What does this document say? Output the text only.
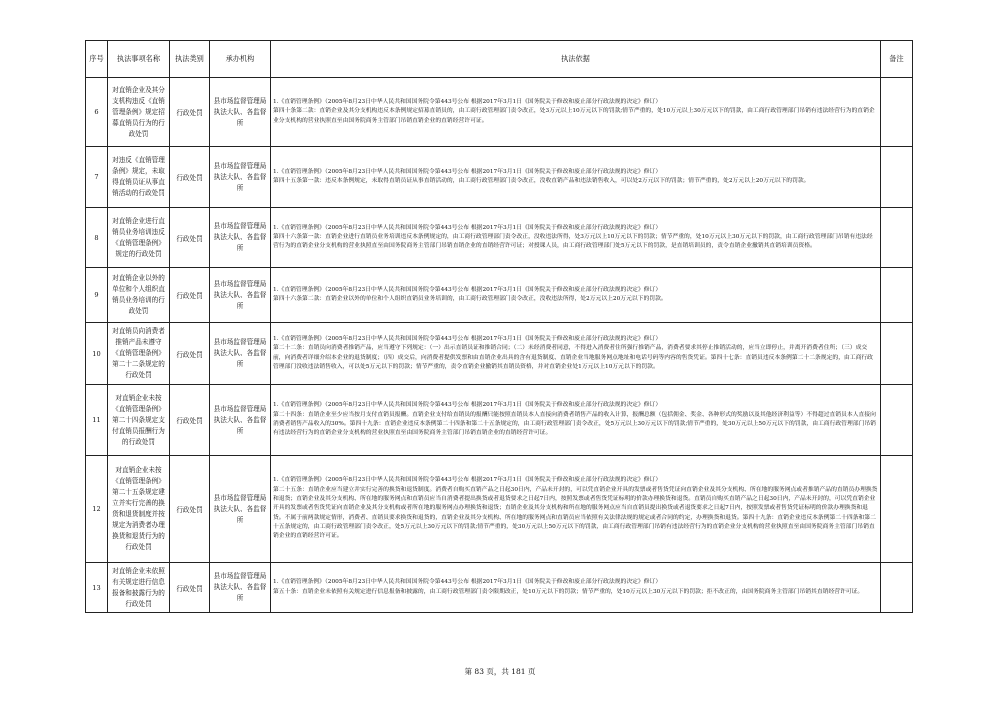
序号	执法事项名称	执法类别	承办机构	执法依据	备注
6	对直销企业及其分支机构违反《直销管理条例》规定招募直销员行为的行政处罚	行政处罚	县市场监督管理局执法大队、各监督所	1.《直销管理条例》（2005年8月23日中华人民共和国国务院令第443号公布 根据2017年3月1日《国务院关于修改和废止部分行政法规的决定》修订）
第四十条第二款：直销企业及其分支机构违反本条例规定招募直销员的，由工商行政管理部门责令改正，处3万元以上10万元以下的罚款;情节严重的，处10万元以上30万元以下的罚款，由工商行政管理部门吊销有违法经营行为的直销企业分支机构的营业执照直至由国务院商务主管部门吊销直销企业的直销经营许可证。	

7	对违反《直销管理条例》规定，未取得直销员证从事直销活动的行政处罚	行政处罚	县市场监督管理局执法大队、各监督所	1.《直销管理条例》（2005年8月23日中华人民共和国国务院令第443号公布 根据2017年3月1日《国务院关于修改和废止部分行政法规的决定》修订）
第四十五条第一款：违反本条例规定，未取得直销员证从事直销活动的，由工商行政管理部门责令改正，没收直销产品和违法销售收入，可以处2万元以下的罚款；情节严重的，处2万元以上20万元以下的罚款。	

8	对直销企业进行直销员业务培训违反《直销管理条例》规定的行政处罚	行政处罚	县市场监督管理局执法大队、各监督所	1.《直销管理条例》（2005年8月23日中华人民共和国国务院令第443号公布 根据2017年3月1日《国务院关于修改和废止部分行政法规的决定》修订）
第四十六条第一款：直销企业进行直销员业务培训违反本条例规定的，由工商行政管理部门责令改正，没收违法所得，处3万元以上10万元以下的罚款；情节严重的，处10万元以上30万元以下的罚款，由工商行政管理部门吊销有违法经营行为的直销企业分支机构的营业执照直至由国务院商务主管部门吊销直销企业的直销经营许可证；对授课人员，由工商行政管理部门处5万元以下的罚款，是直销培训员的，责令直销企业撤销其直销培训员资格。	

9	对直销企业以外的单位和个人组织直销员业务培训的行政处罚	行政处罚	县市场监督管理局执法大队、各监督所	1.《直销管理条例》（2005年8月23日中华人民共和国国务院令第443号公布 根据2017年3月1日《国务院关于修改和废止部分行政法规的决定》修订）
第四十六条第二款：直销企业以外的单位和个人组织直销员业务培训的，由工商行政管理部门责令改正，没收违法所得，处2万元以上20万元以下的罚款。	

10	对直销员向消费者推销产品未遵守《直销管理条例》第二十二条规定的行政处罚	行政处罚	县市场监督管理局执法大队、各监督所	1.《直销管理条例》（2005年8月23日中华人民共和国国务院令第443号公布 根据2017年3月1日《国务院关于修改和废止部分行政法规的决定》修订）
第二十二条：直销员向消费者推销产品，应当遵守下列规定：（一）出示直销员证和推销合同；（二）未经消费者同意，不得进入消费者住所强行推销产品，消费者要求其停止推销活动的，应当立即停止，并离开消费者住所；（三）成交前，向消费者详细介绍本企业的退货制度；（四）成交后，向消费者提供发票和由直销企业出具的含有退货制度、直销企业当地服务网点地址和电话号码等内容的售货凭证。第四十七条：直销员违反本条例第二十二条规定的，由工商行政管理部门没收违法销售收入，可以处5万元以下的罚款；情节严重的，责令直销企业撤销其直销员资格，并对直销企业处1万元以上10万元以下的罚款。	

11	对直销企业未按《直销管理条例》第二十四条规定支付直销员报酬行为的行政处罚	行政处罚	县市场监督管理局执法大队、各监督所	1.《直销管理条例》（2005年8月23日中华人民共和国国务院令第443号公布 根据2017年3月1日《国务院关于修改和废止部分行政法规的决定》修订）
第二十四条：直销企业至少应当按月支付直销员报酬。直销企业支付给直销员的报酬只能按照直销员本人直接向消费者销售产品的收入计算，报酬总额（包括佣金、奖金、各种形式的奖励以及其他经济利益等）不得超过直销员本人直接向消费者销售产品收入的30%。第四十九条：直销企业违反本条例第二十四条和第二十五条规定的，由工商行政管理部门责令改正，处5万元以上30万元以下的罚款;情节严重的，处30万元以上50万元以下的罚款，由工商行政管理部门吊销有违法经营行为的直销企业分支机构的营业执照直至由国务院商务主管部门吊销直销企业的直销经营许可证。	

12	对直销企业未按《直销管理条例》第二十五条规定建立并实行完善的换货和退货制度并按规定为消费者办理换货和退货行为的行政处罚	行政处罚	县市场监督管理局执法大队、各监督所	1.《直销管理条例》（2005年8月23日中华人民共和国国务院令第443号公布 根据2017年3月1日《国务院关于修改和废止部分行政法规的决定》修订）
第二十五条：直销企业应当建立并实行完善的换货和退货制度。消费者自购买直销产品之日起30日内，产品未开封的，可以凭直销企业开具的发票或者售货凭证向直销企业及其分支机构、所在地的服务网点或者推销产品的直销员办理换货和退货；直销企业及其分支机构、所在地的服务网点和直销员应当自消费者提出换货或者退货要求之日起7日内，按照发票或者售货凭证标明的价款办理换货和退货。直销员自购买直销产品之日起30日内，产品未开封的，可以凭直销企业开具的发票或者售货凭证向直销企业及其分支机构或者所在地的服务网点办理换货和退货；直销企业及其分支机构和所在地的服务网点应当自直销员提出换货或者退货要求之日起7日内，按照发票或者售货凭证标明的价款办理换货和退货。不属于前两款规定情形，消费者、直销员要求换货和退货的，直销企业及其分支机构、所在地的服务网点和直销员应当依照有关法律法规的规定或者合同的约定，办理换货和退货。第四十九条：直销企业违反本条例第二十四条和第二十五条规定的，由工商行政管理部门责令改正，处5万元以上30万元以下的罚款;情节严重的，处30万元以上50万元以下的罚款，由工商行政管理部门吊销有违法经营行为的直销企业分支机构的营业执照直至由国务院商务主管部门吊销直销企业的直销经营许可证。	

13	对直销企业未依照有关规定进行信息报备和披露行为的行政处罚	行政处罚	县市场监督管理局执法大队、各监督所	1.《直销管理条例》（2005年8月23日中华人民共和国国务院令第443号公布 根据2017年3月1日《国务院关于修改和废止部分行政法规的决定》修订）
第五十条：直销企业未依照有关规定进行信息报备和披露的，由工商行政管理部门责令限期改正，处10万元以下的罚款；情节严重的，处10万元以上30万元以下的罚款；拒不改正的，由国务院商务主管部门吊销其直销经营许可证。	

第 83 页，共 181 页
